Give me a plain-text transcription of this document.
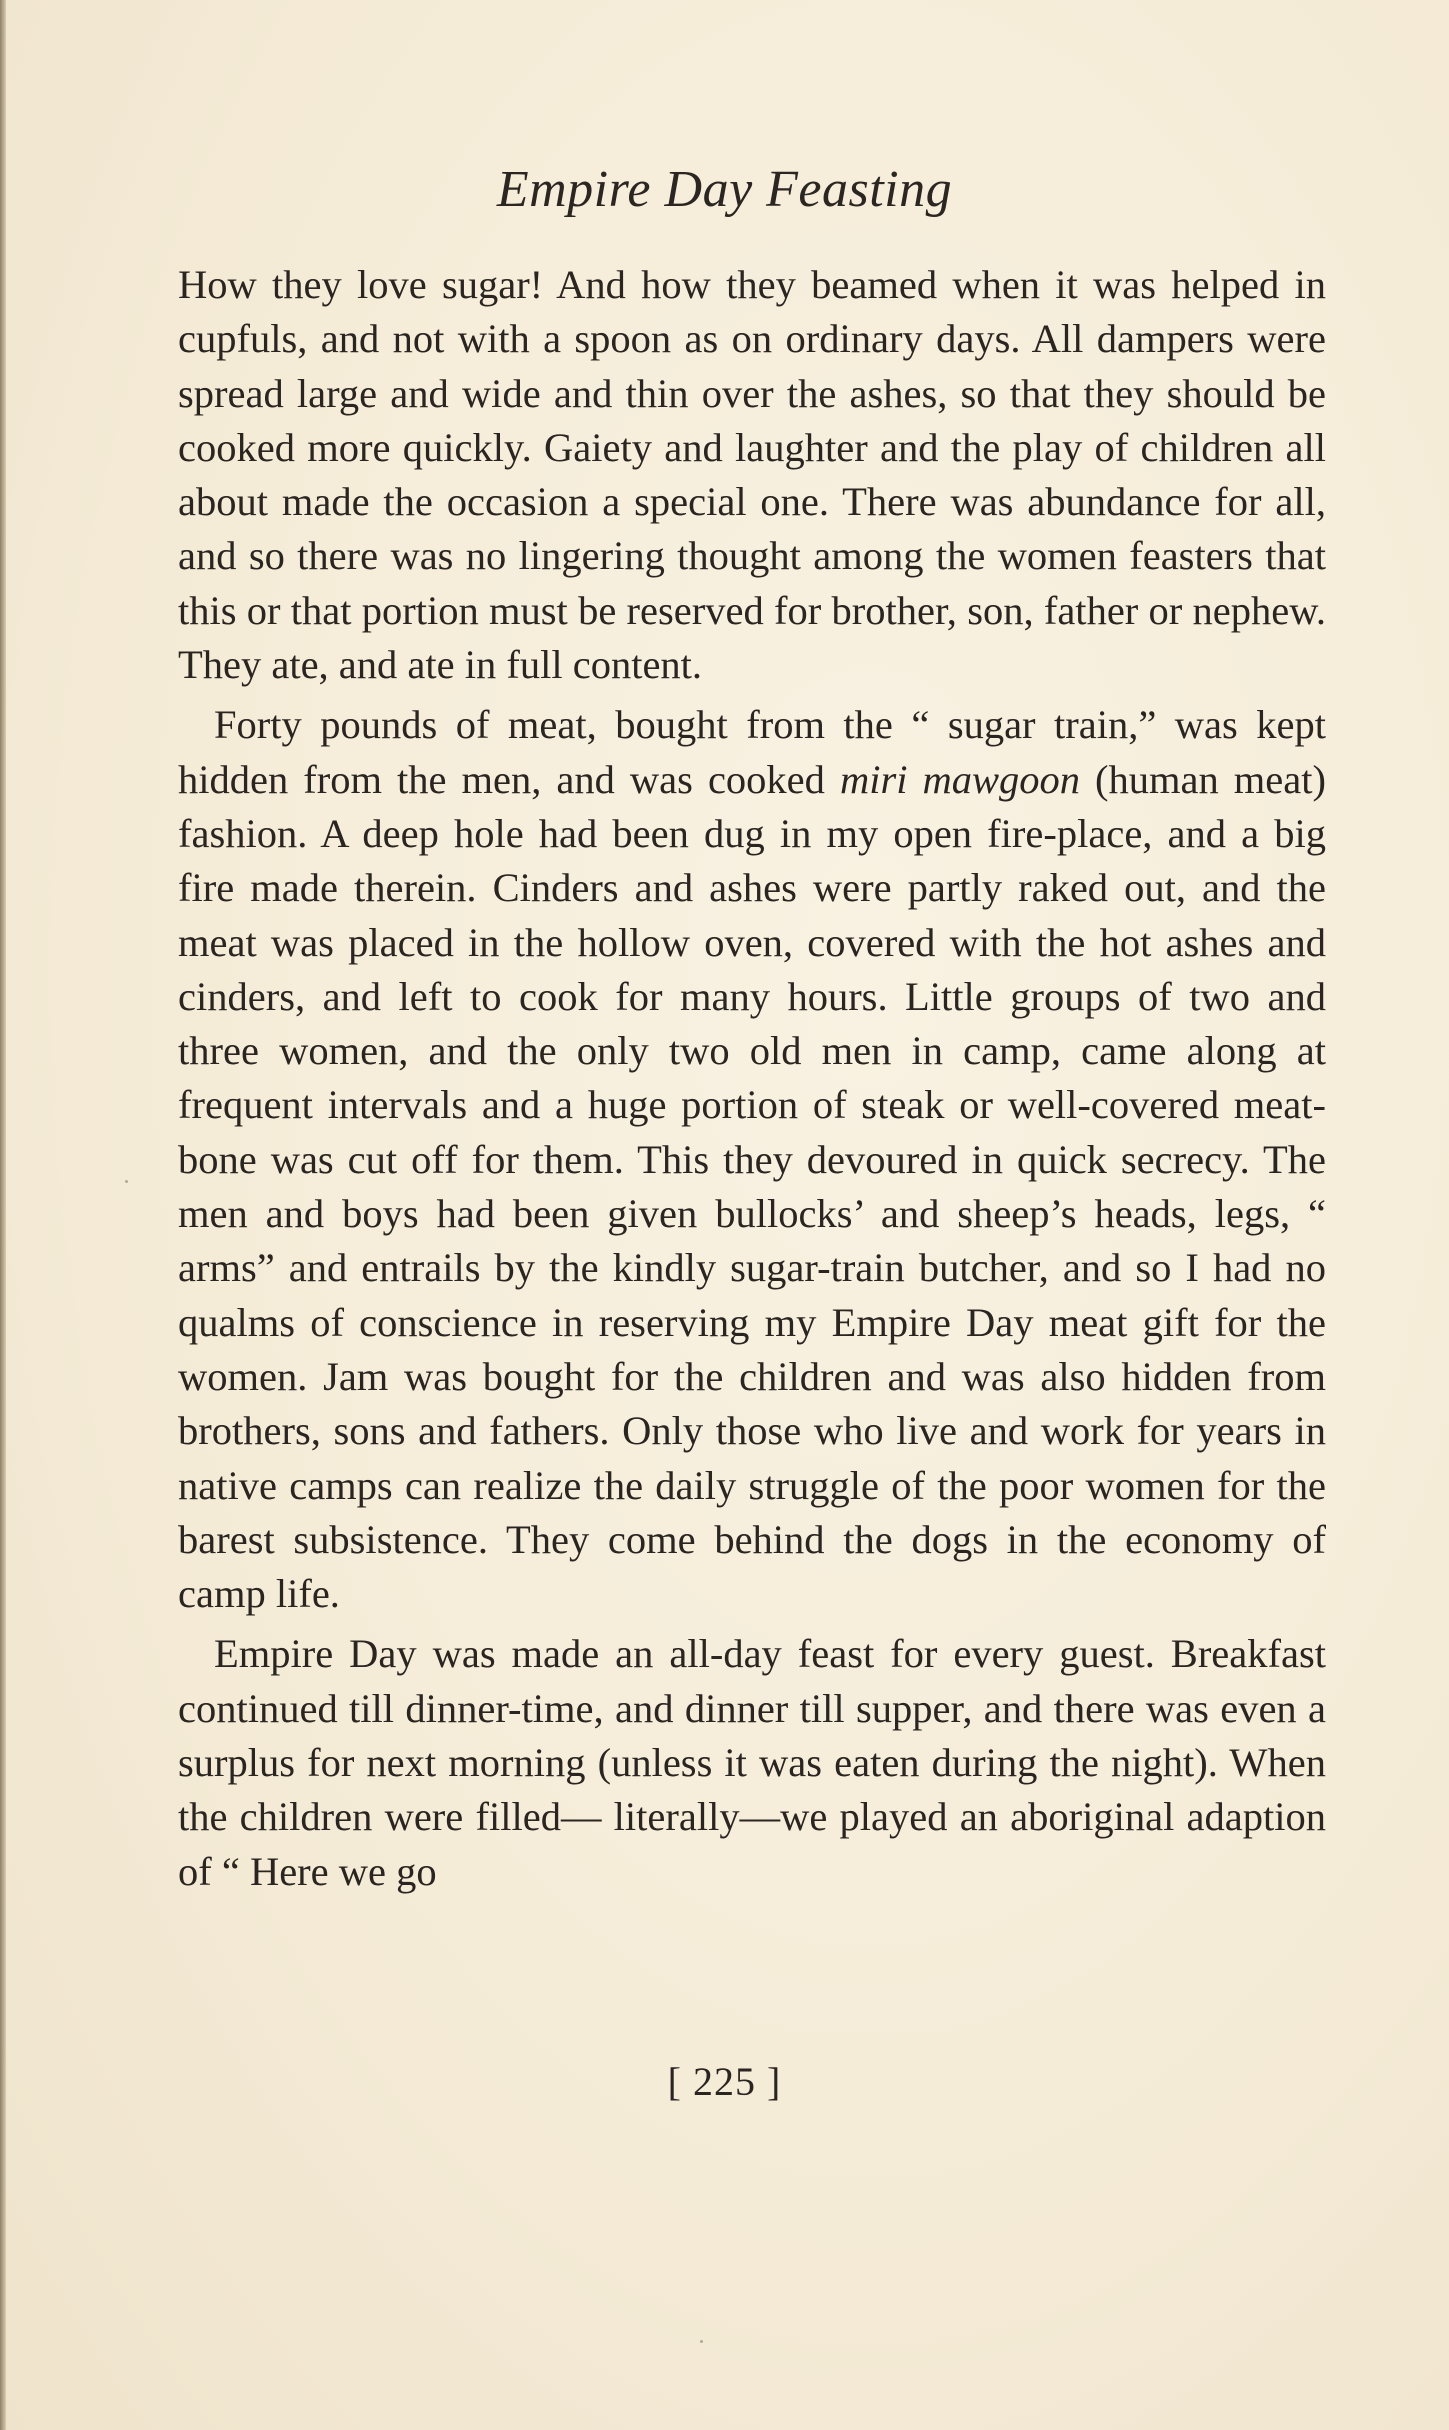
Empire Day Feasting

How they love sugar! And how they beamed when it was helped in cupfuls, and not with a spoon as on ordinary days. All dampers were spread large and wide and thin over the ashes, so that they should be cooked more quickly. Gaiety and laughter and the play of children all about made the occasion a special one. There was abundance for all, and so there was no lingering thought among the women feasters that this or that portion must be reserved for brother, son, father or nephew. They ate, and ate in full content.

Forty pounds of meat, bought from the “ sugar train,” was kept hidden from the men, and was cooked miri mawgoon (human meat) fashion. A deep hole had been dug in my open fire-place, and a big fire made therein. Cinders and ashes were partly raked out, and the meat was placed in the hollow oven, covered with the hot ashes and cinders, and left to cook for many hours. Little groups of two and three women, and the only two old men in camp, came along at frequent intervals and a huge portion of steak or well-covered meat-bone was cut off for them. This they devoured in quick secrecy. The men and boys had been given bullocks’ and sheep’s heads, legs, “ arms” and entrails by the kindly sugar-train butcher, and so I had no qualms of conscience in reserving my Empire Day meat gift for the women. Jam was bought for the children and was also hidden from brothers, sons and fathers. Only those who live and work for years in native camps can realize the daily struggle of the poor women for the barest subsistence. They come behind the dogs in the economy of camp life.

Empire Day was made an all-day feast for every guest. Breakfast continued till dinner-time, and dinner till supper, and there was even a surplus for next morning (unless it was eaten during the night). When the children were filled— literally—we played an aboriginal adaption of “ Here we go

[ 225 ]
